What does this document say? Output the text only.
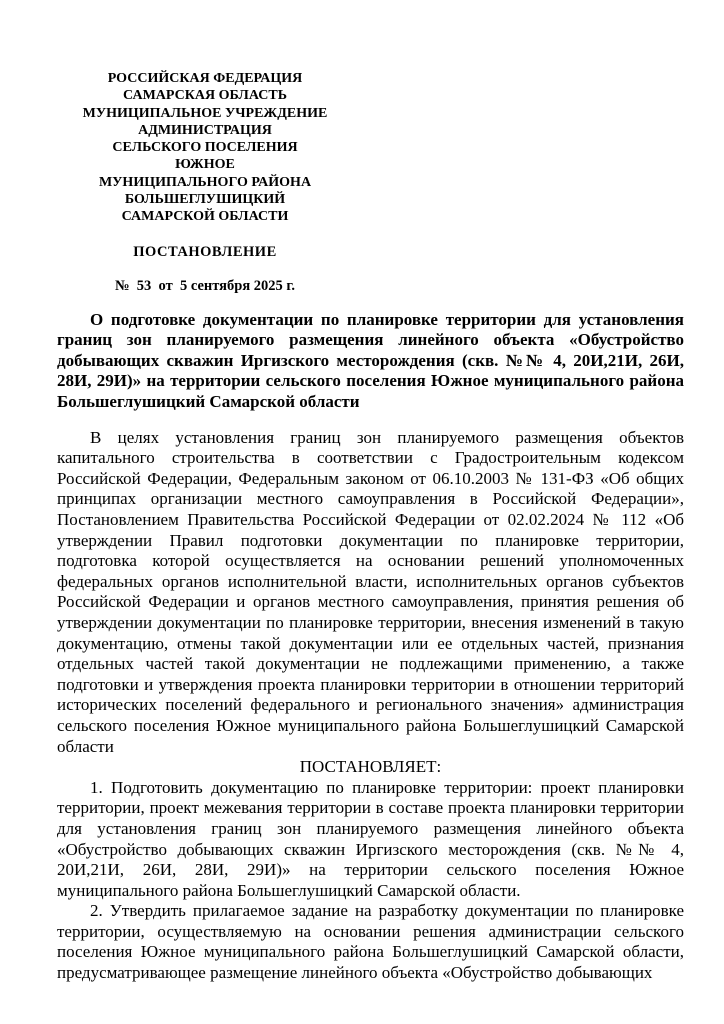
РОССИЙСКАЯ ФЕДЕРАЦИЯ
САМАРСКАЯ ОБЛАСТЬ
МУНИЦИПАЛЬНОЕ УЧРЕЖДЕНИЕ
АДМИНИСТРАЦИЯ
СЕЛЬСКОГО ПОСЕЛЕНИЯ
ЮЖНОЕ
МУНИЦИПАЛЬНОГО РАЙОНА
БОЛЬШЕГЛУШИЦКИЙ
САМАРСКОЙ ОБЛАСТИ
ПОСТАНОВЛЕНИЕ
№  53  от  5 сентября 2025 г.
О подготовке документации по планировке территории для установления границ зон планируемого размещения линейного объекта «Обустройство добывающих скважин Иргизского месторождения (скв. №№ 4, 20И,21И, 26И, 28И, 29И)» на территории сельского поселения Южное муниципального района Большеглушицкий Самарской области
В целях установления границ зон планируемого размещения объектов капитального строительства в соответствии с Градостроительным кодексом Российской Федерации, Федеральным законом от 06.10.2003 № 131-ФЗ «Об общих принципах организации местного самоуправления в Российской Федерации», Постановлением Правительства Российской Федерации от 02.02.2024 № 112 «Об утверждении Правил подготовки документации по планировке территории, подготовка которой осуществляется на основании решений уполномоченных федеральных органов исполнительной власти, исполнительных органов субъектов Российской Федерации и органов местного самоуправления, принятия решения об утверждении документации по планировке территории, внесения изменений в такую документацию, отмены такой документации или ее отдельных частей, признания отдельных частей такой документации не подлежащими применению, а также подготовки и утверждения проекта планировки территории в отношении территорий исторических поселений федерального и регионального значения» администрация сельского поселения Южное муниципального района Большеглушицкий Самарской области
ПОСТАНОВЛЯЕТ:
1. Подготовить документацию по планировке территории: проект планировки территории, проект межевания территории в составе проекта планировки территории для установления границ зон планируемого размещения линейного объекта «Обустройство добывающих скважин Иргизского месторождения (скв. №№ 4, 20И,21И, 26И, 28И, 29И)» на территории сельского поселения Южное муниципального района Большеглушицкий Самарской области.
2. Утвердить прилагаемое задание на разработку документации по планировке территории, осуществляемую на основании решения администрации сельского поселения Южное муниципального района Большеглушицкий Самарской области, предусматривающее размещение линейного объекта «Обустройство добывающих
